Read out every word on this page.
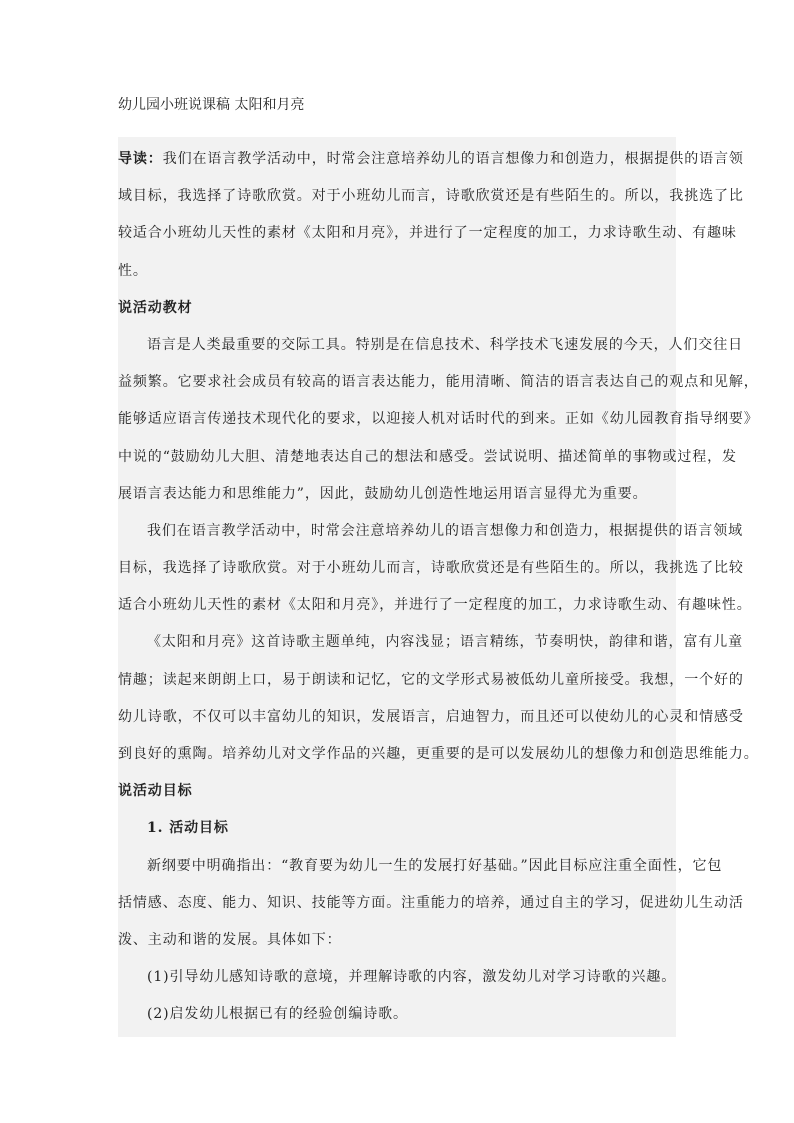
幼儿园小班说课稿 太阳和月亮
导读：我们在语言教学活动中，时常会注意培养幼儿的语言想像力和创造力，根据提供的语言领
域目标，我选择了诗歌欣赏。对于小班幼儿而言，诗歌欣赏还是有些陌生的。所以，我挑选了比
较适合小班幼儿天性的素材《太阳和月亮》，并进行了一定程度的加工，力求诗歌生动、有趣味
性。
说活动教材
语言是人类最重要的交际工具。特别是在信息技术、科学技术飞速发展的今天，人们交往日
益频繁。它要求社会成员有较高的语言表达能力，能用清晰、简洁的语言表达自己的观点和见解，
能够适应语言传递技术现代化的要求，以迎接人机对话时代的到来。正如《幼儿园教育指导纲要》
中说的“鼓励幼儿大胆、清楚地表达自己的想法和感受。尝试说明、描述简单的事物或过程，发
展语言表达能力和思维能力”，因此，鼓励幼儿创造性地运用语言显得尤为重要。
我们在语言教学活动中，时常会注意培养幼儿的语言想像力和创造力，根据提供的语言领域
目标，我选择了诗歌欣赏。对于小班幼儿而言，诗歌欣赏还是有些陌生的。所以，我挑选了比较
适合小班幼儿天性的素材《太阳和月亮》，并进行了一定程度的加工，力求诗歌生动、有趣味性。
《太阳和月亮》这首诗歌主题单纯，内容浅显；语言精练，节奏明快，韵律和谐，富有儿童
情趣；读起来朗朗上口，易于朗读和记忆，它的文学形式易被低幼儿童所接受。我想，一个好的
幼儿诗歌，不仅可以丰富幼儿的知识，发展语言，启迪智力，而且还可以使幼儿的心灵和情感受
到良好的熏陶。培养幼儿对文学作品的兴趣，更重要的是可以发展幼儿的想像力和创造思维能力。
说活动目标
1. 活动目标
新纲要中明确指出：“教育要为幼儿一生的发展打好基础。”因此目标应注重全面性，它包
括情感、态度、能力、知识、技能等方面。注重能力的培养，通过自主的学习，促进幼儿生动活
泼、主动和谐的发展。具体如下：
(1)引导幼儿感知诗歌的意境，并理解诗歌的内容，激发幼儿对学习诗歌的兴趣。
(2)启发幼儿根据已有的经验创编诗歌。
